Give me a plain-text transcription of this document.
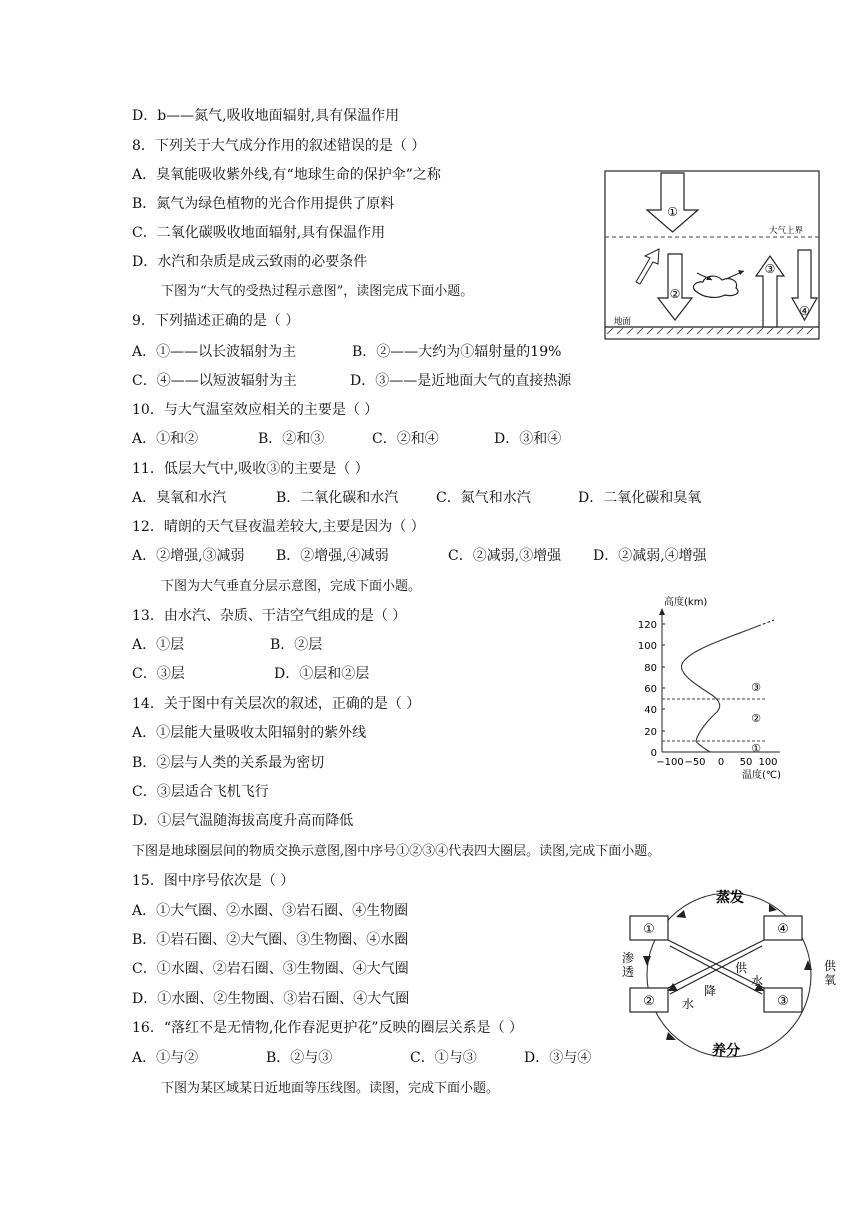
D．b——氮气,吸收地面辐射,具有保温作用
8．下列关于大气成分作用的叙述错误的是（ ）
A．臭氧能吸收紫外线,有“地球生命的保护伞”之称
B．氮气为绿色植物的光合作用提供了原料
C．二氧化碳吸收地面辐射,具有保温作用
D．水汽和杂质是成云致雨的必要条件
下图为“大气的受热过程示意图”，读图完成下面小题。
9．下列描述正确的是（ ）
A．①——以长波辐射为主	B．②——大约为①辐射量的19%
C．④——以短波辐射为主	D．③——是近地面大气的直接热源
10．与大气温室效应相关的主要是（ ）
A．①和②	B．②和③	C．②和④	D．③和④
11．低层大气中,吸收③的主要是（ ）
A．臭氧和水汽	B．二氧化碳和水汽	C．氮气和水汽	D．二氧化碳和臭氧
12．晴朗的天气昼夜温差较大,主要是因为（ ）
A．②增强,③减弱 B．②增强,④减弱	C．②减弱,③增强 D．②减弱,④增强
下图为大气垂直分层示意图，完成下面小题。
13．由水汽、杂质、干洁空气组成的是（ ）
A．①层	B．②层
C．③层	D．①层和②层
14．关于图中有关层次的叙述，正确的是（ ）
A．①层能大量吸收太阳辐射的紫外线
B．②层与人类的关系最为密切
C．③层适合飞机飞行
D．①层气温随海拔高度升高而降低
下图是地球圈层间的物质交换示意图,图中序号①②③④代表四大圈层。读图,完成下面小题。
15．图中序号依次是（ ）
A．①大气圈、②水圈、③岩石圈、④生物圈
B．①岩石圈、②大气圈、③生物圈、④水圈
C．①水圈、②岩石圈、③生物圈、④大气圈
D．①水圈、②生物圈、③岩石圈、④大气圈
16．“落红不是无情物,化作春泥更护花”反映的圈层关系是（ ）
A．①与②	B．②与③	C．①与③	D．③与④
下图为某区域某日近地面等压线图。读图，完成下面小题。
大气上界
地面
①
②
③
④
高度(km)
0
20
40
60
80
100
120
−100 −50 0 50 100
温度(℃)
①
②
③
①	④
②	③
蒸发
养分
渗
透	供
氧
供
水
降
水
